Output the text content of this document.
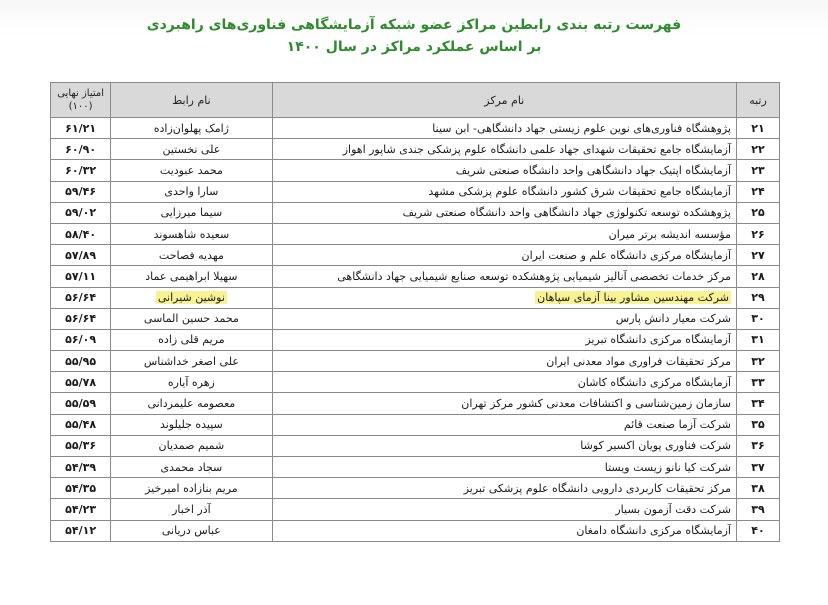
فهرست رتبه بندی رابطین مراکز عضو شبکه آزمایشگاهی فناوری‌های راهبردی
بر اساس عملکرد مراکز در سال ۱۴۰۰
رتبه	نام مرکز	نام رابط	امتیاز نهایی
(۱۰۰)

۲۱	پژوهشگاه فناوری‌های نوین علوم زیستی جهاد دانشگاهی- ابن سینا	ژامک پهلوان‌زاده	۶۱/۲۱
۲۲	آزمایشگاه جامع تحقیقات شهدای جهاد علمی دانشگاه علوم پزشکی جندی شاپور اهواز	علی نخستین	۶۰/۹۰
۲۳	آزمایشگاه اپتیک جهاد دانشگاهی واحد دانشگاه صنعتی شریف	محمد عبودیت	۶۰/۳۲
۲۴	آزمایشگاه جامع تحقیقات شرق کشور دانشگاه علوم پزشکی مشهد	سارا واحدی	۵۹/۴۶
۲۵	پژوهشکده توسعه تکنولوژی جهاد دانشگاهی واحد دانشگاه صنعتی شریف	سیما میرزایی	۵۹/۰۲
۲۶	مؤسسه اندیشه برتر میران	سعیده شاهسوند	۵۸/۴۰
۲۷	آزمایشگاه مرکزی دانشگاه علم و صنعت ایران	مهدیه فصاحت	۵۷/۸۹
۲۸	مرکز خدمات تخصصی آنالیز شیمیایی پژوهشکده توسعه صنایع شیمیایی جهاد دانشگاهی	سهیلا ابراهیمی عماد	۵۷/۱۱
۲۹	شرکت مهندسین مشاور بینا آزمای سپاهان	نوشین شیرانی	۵۶/۶۴
۳۰	شرکت معیار دانش پارس	محمد حسین الماسی	۵۶/۶۴
۳۱	آزمایشگاه مرکزی دانشگاه تبریز	مریم قلی زاده	۵۶/۰۹
۳۲	مرکز تحقیقات فراوری مواد معدنی ایران	علی اصغر خداشناس	۵۵/۹۵
۳۳	آزمایشگاه مرکزی دانشگاه کاشان	زهره آیاره	۵۵/۷۸
۳۴	سازمان زمین‌شناسی و اکتشافات معدنی کشور مرکز تهران	معصومه علیمردانی	۵۵/۵۹
۳۵	شرکت آزما صنعت قائم	سپیده جلیلوند	۵۵/۴۸
۳۶	شرکت فناوری پویان اکسیر کوشا	شمیم صمدیان	۵۵/۳۶
۳۷	شرکت کیا نانو زیست ویستا	سجاد محمدی	۵۴/۳۹
۳۸	مرکز تحقیقات کاربردی دارویی دانشگاه علوم پزشکی تبریز	مریم بنازاده امیرخیز	۵۴/۳۵
۳۹	شرکت دقت آزمون بسیار	آذر اخبار	۵۴/۲۳
۴۰	آزمایشگاه مرکزی دانشگاه دامغان	عباس دریانی	۵۴/۱۲
